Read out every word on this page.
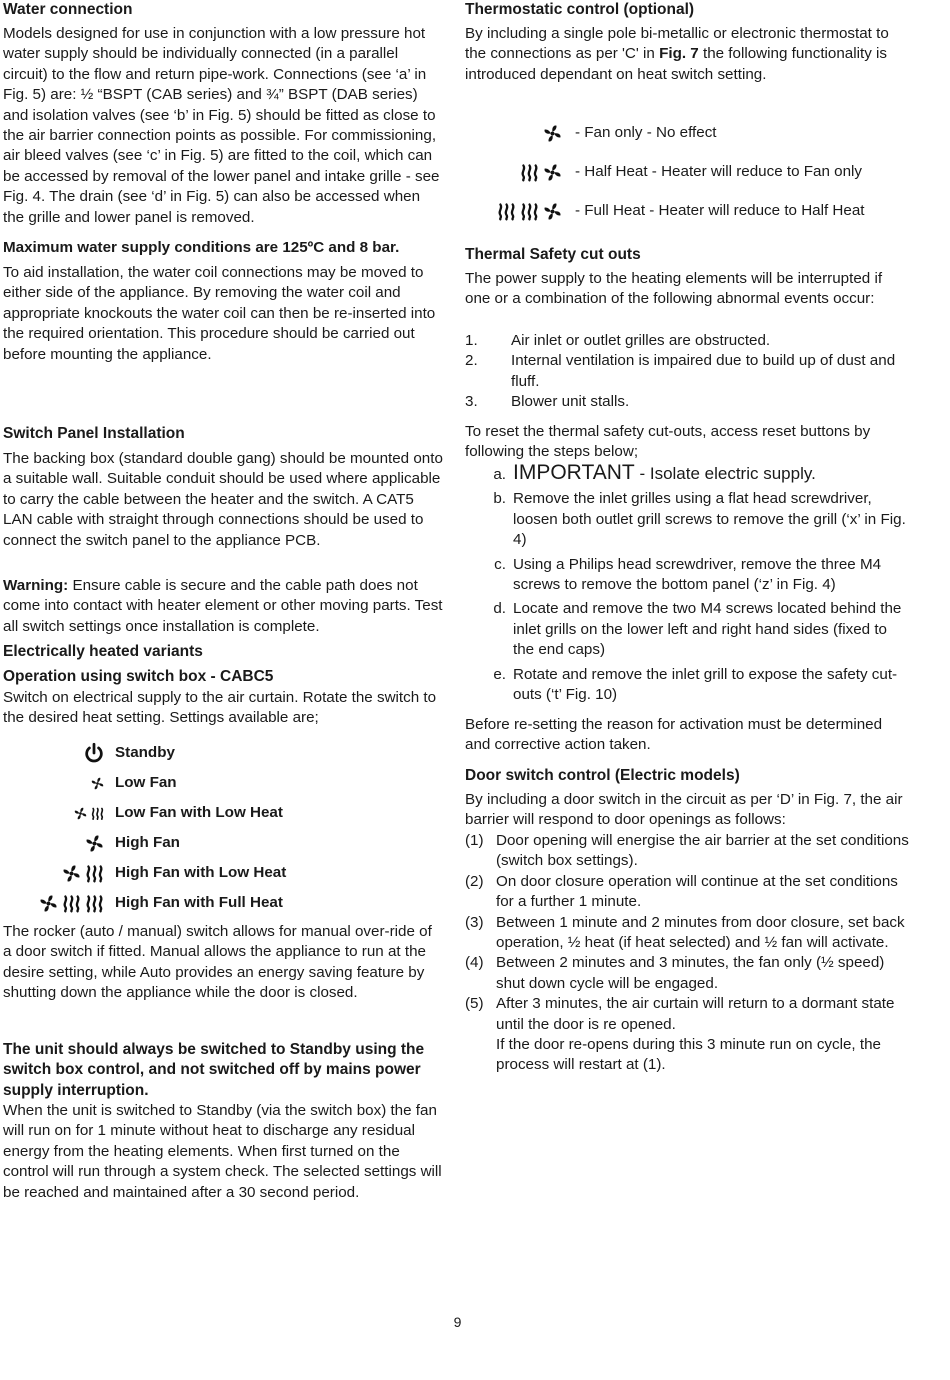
Water connection

Models designed for use in conjunction with a low pressure hot water supply should be individually connected (in a parallel circuit) to the flow and return pipe-work. Connections (see ‘a’ in Fig. 5) are: ½ “BSPT (CAB series) and ¾” BSPT (DAB series) and isolation valves (see ‘b’ in Fig. 5) should be fitted as close to the air barrier connection points as possible. For commissioning, air bleed valves (see ‘c’ in Fig. 5) are fitted to the coil, which can be accessed by removal of the lower panel and intake grille - see Fig. 4. The drain (see ‘d’ in Fig. 5) can also be accessed when the grille and lower panel is removed.

Maximum water supply conditions are 125ºC and 8 bar.

To aid installation, the water coil connections may be moved to either side of the appliance. By removing the water coil and appropriate knockouts the water coil can then be re-inserted into the required orientation. This procedure should be carried out before mounting the appliance.

Switch Panel Installation

The backing box (standard double gang) should be mounted onto a suitable wall. Suitable conduit should be used where applicable to carry the cable between the heater and the switch. A CAT5 LAN cable with straight through connections should be used to connect the switch panel to the appliance PCB.

Warning: Ensure cable is secure and the cable path does not come into contact with heater element or other moving parts. Test all switch settings once installation is complete.

Electrically heated variants
Operation using switch box - CABC5

Switch on electrical supply to the air curtain. Rotate the switch to the desired heat setting. Settings available are;

Standby
Low Fan
Low Fan with Low Heat
High Fan
High Fan with Low Heat
High Fan with Full Heat

The rocker (auto / manual) switch allows for manual over-ride of a door switch if fitted. Manual allows the appliance to run at the desire setting, while Auto provides an energy saving feature by shutting down the appliance while the door is closed.

The unit should always be switched to Standby using the switch box control, and not switched off by mains power supply interruption.

When the unit is switched to Standby (via the switch box) the fan will run on for 1 minute without heat to discharge any residual energy from the heating elements. When first turned on the control will run through a system check. The selected settings will be reached and maintained after a 30 second period.

Thermostatic control (optional)

By including a single pole bi-metallic or electronic thermostat to the connections as per 'C' in Fig. 7 the following functionality is introduced dependant on heat switch setting.

- Fan only - No effect
- Half Heat - Heater will reduce to Fan only
- Full Heat - Heater will reduce to Half Heat
Thermal Safety cut outs

The power supply to the heating elements will be interrupted if one or a combination of the following abnormal events occur:

1.	Air inlet or outlet grilles are obstructed.
2.	Internal ventilation is impaired due to build up of dust and fluff.
3.	Blower unit stalls.

To reset the thermal safety cut-outs, access reset buttons by following the steps below;

a. IMPORTANT - Isolate electric supply.
b. Remove the inlet grilles using a flat head screwdriver, loosen both outlet grill screws to remove the grill (‘x’ in Fig. 4)
c. Using a Philips head screwdriver, remove the three M4 screws to remove the bottom panel (‘z’ in Fig. 4)
d. Locate and remove the two M4 screws located behind the inlet grills on the lower left and right hand sides (fixed to the end caps)
e. Rotate and remove the inlet grill to expose the safety cut-outs (‘t’ Fig. 10)

Before re-setting the reason for activation must be determined and corrective action taken.

Door switch control (Electric models)

By including a door switch in the circuit as per ‘D’ in Fig. 7, the air barrier will respond to door openings as follows:

(1) Door opening will energise the air barrier at the set conditions (switch box settings).
(2) On door closure operation will continue at the set conditions for a further 1 minute.
(3) Between 1 minute and 2 minutes from door closure, set back operation, ½ heat (if heat selected) and ½ fan will activate.
(4) Between 2 minutes and 3 minutes, the fan only (½ speed) shut down cycle will be engaged.
(5) After 3 minutes, the air curtain will return to a dormant state until the door is re opened.
If the door re-opens during this 3 minute run on cycle, the process will restart at (1).
9
